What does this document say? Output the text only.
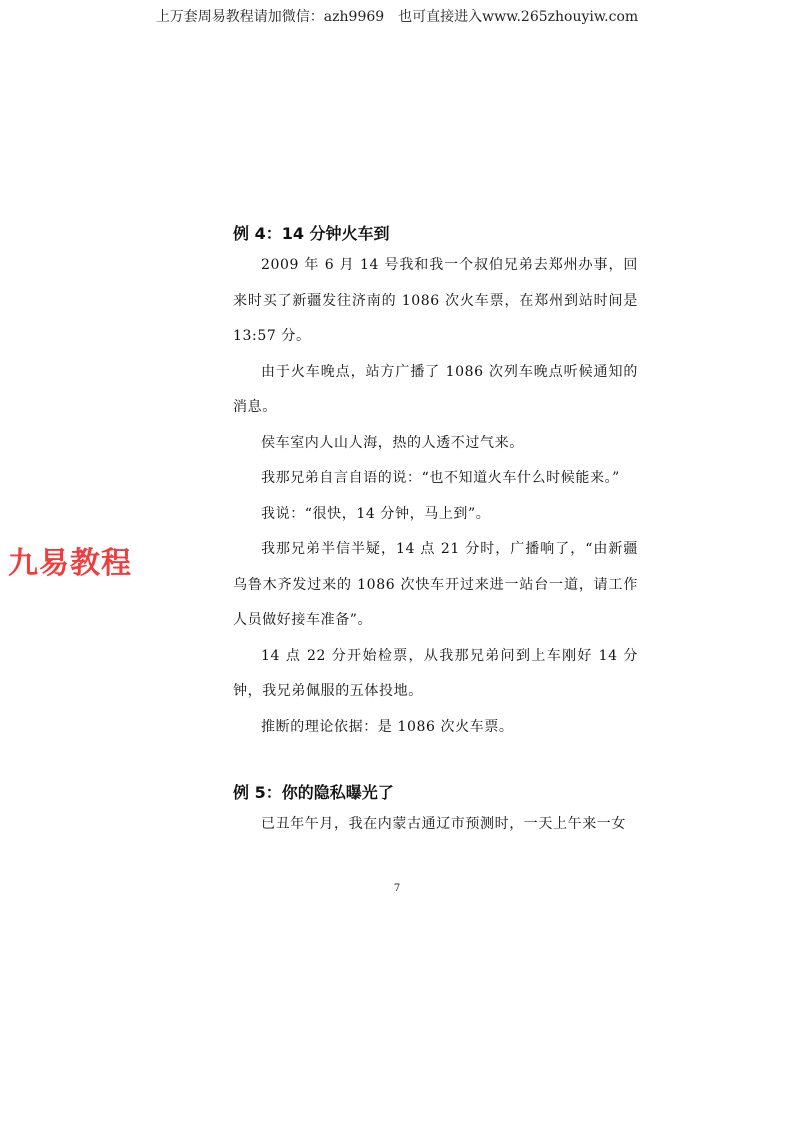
上万套周易教程请加微信：azh9969　也可直接进入www.265zhouyiw.com
九易教程
例 4：14 分钟火车到

2009 年 6 月 14 号我和我一个叔伯兄弟去郑州办事，回来时买了新疆发往济南的 1086 次火车票，在郑州到站时间是13:57 分。

由于火车晚点，站方广播了 1086 次列车晚点听候通知的消息。

侯车室内人山人海，热的人透不过气来。

我那兄弟自言自语的说：“也不知道火车什么时候能来。”

我说：“很快，14 分钟，马上到”。

我那兄弟半信半疑，14 点 21 分时，广播响了，“由新疆乌鲁木齐发过来的 1086 次快车开过来进一站台一道，请工作人员做好接车准备”。

14 点 22 分开始检票，从我那兄弟问到上车刚好 14 分钟，我兄弟佩服的五体投地。

推断的理论依据：是 1086 次火车票。

例 5：你的隐私曝光了

已丑年午月，我在内蒙古通辽市预测时，一天上午来一女

7
